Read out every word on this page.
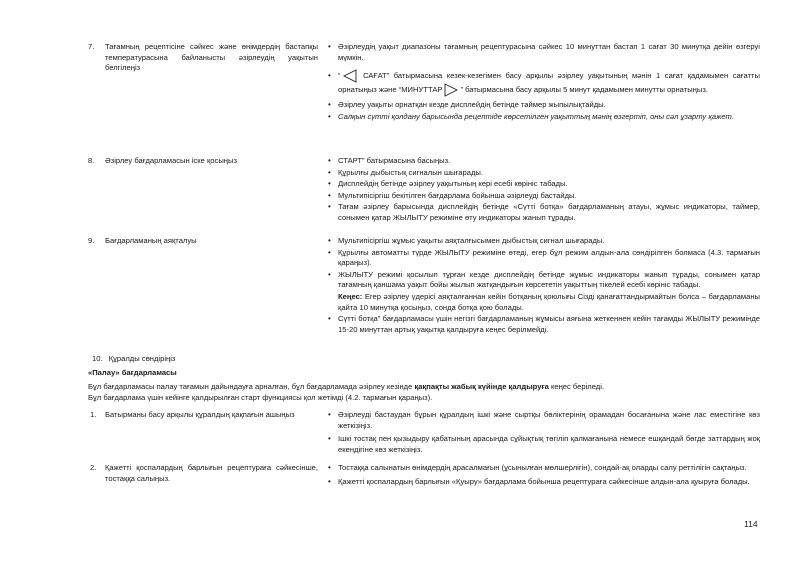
7. Тағамның рецептісіне сәйкес және өнімдердің бастапқы температурасына байланысты әзірлеудің уақытын белгілеңіз
• Әзірлеудің уақыт диапазоны тағамның рецептурасына сәйкес 10 минуттан бастап 1 сағат 30 минутқа дейін өзгеруі мүмкін.
• “ САҒАТ” батырмасына кезек-кезегімен басу арқылы әзірлеу уақытының мәнін 1 сағат қадамымен сағатты орнатыңыз және “МИНУТТАР ” батырмасына басу арқылы 5 минут қадамымен минутты орнатыңыз.
• Әзірлеу уақыты орнатқан кезде дисплейдің бетінде таймер жыпылықтайды.
• Салқын сүтті қолдану барысында рецептіде көрсетілген уақыттың мәнің өзгертіп, оны сәл ұзарту қажет.
8. Әзірлеу бағдарламасын іске қосыңыз	• СТАРТ” батырмасына басыңыз.
• Құрылғы дыбыстық сигналын шығарады.
• Дисплейдің бетінде әзірлеу уақытының кері есебі көрініс табады.
• Мультипісіргіш бекітілген бағдарлама бойынша әзірлеуді бастайды.
• Тағам әзірлеу барысында дисплейдің бетінде «Сүтті ботқа» бағдарламаның атауы, жұмыс индикаторы, таймер, сонымен қатар ЖЫЛЫТУ режиміне өту индикаторы жанып тұрады.
9. Бағдарламаның аяқталуы	• Мультипісіргіш жұмыс уақыты аяқталғысымен дыбыстық сигнал шығарады.
• Құрылғы автоматты түрде ЖЫЛЫТУ режиміне өтеді, егер бұл режим алдын-ала сөндірілген болмаса (4.3. тармағын қараңыз).
• ЖЫЛЫТУ режимі қосылып тұрған кезде дисплейдің бетінде жұмыс индикаторы жанып тұрады, сонымен қатар тағамның қаншама уақыт бойы жылып жатқандығын көрсететін уақыттың тікелей есебі көрініс табады.
Кеңес: Егер әзірлеу үдерісі аяқталғаннан кейін ботқаның қоюлығы Сізді қанағаттандырмайтын болса – бағдарламаны қайта 10 минутқа қосыңыз, сонда ботқа қою болады.
• Сүтті ботқа” бағдарламасы үшін негізгі бағдарламаның жұмысы аяғына жеткеннен кейін тағамды ЖЫЛЫТУ режимінде 15-20 минуттан артық уақытқа қалдыруға кеңес берілмейді.
10. Құралды сөндіріңіз
«Палау» бағдарламасы
Бұл бағдарламасы палау тағамын дайындауға арналған, бұл бағдарламада әзірлеу кезінде қақпақты жабық күйінде қалдыруға кеңес беріледі.
Бұл бағдарлама үшін кейінге қалдырылған старт функциясы қол жетімді (4.2. тармағын қараңыз).
1. Батырманы басу арқылы құралдың қақпағын ашыңыз	• Әзірлеуді бастаудан бұрын құралдың ішкі және сыртқы бөліктерінің орамадан босағанына және лас еместігіне көз жеткізіңіз.
• Ішкі тостақ пен қызыдыру қабатының арасында сұйықтық төгіліп қалмағанына немесе ешқандай бөгде заттардың жоқ екендігіне көз жеткізіңіз.
2. Қажетті қоспалардың барлығын рецептураға сәйкесінше, тостаққа салыңыз.
• Тостаққа салынатын өнімдердің арасалмағын (ұсынылған мөлшерлігін), сондай-ақ оларды салу реттілігін сақтаңыз.
• Қажетті қоспалардың барлығын «Қуыру» бағдарлама бойынша рецептураға сәйкесінше алдын-ала қуыруға болады.
114
